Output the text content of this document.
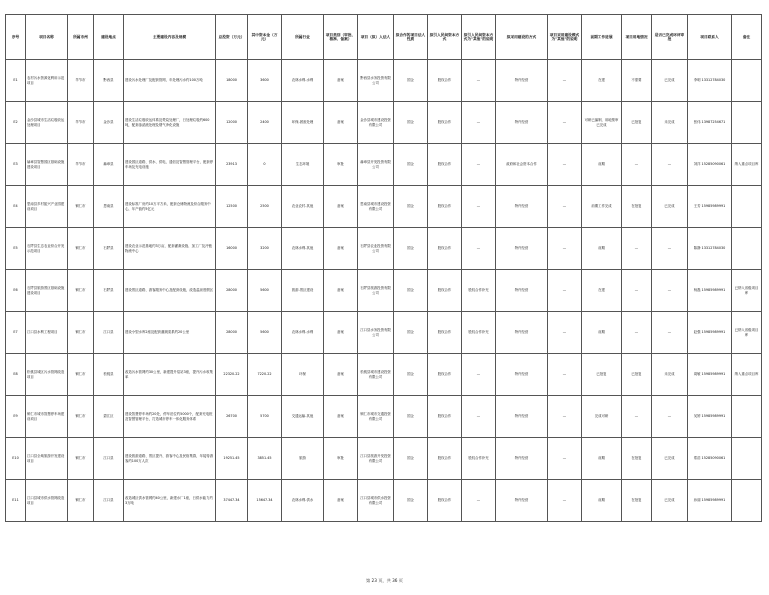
序号	项目名称	所属市州	建设地点	主要建设内容及规模	总投资（万元）	其中资本金（万元）	所属行业	项目类别（审批、核准、备案）	项目（拟）入法人	拟合作的项目法人性质	拟引入民间资本方式	拟引入民间资本方式为"其他"的说明	拟采用建设的方式	项目采用建设模式为"其他"的说明	前期工作进展	项目用地情况	是否已完成环评审批	项目联系人	备注

E1	农村污水资源化利用示范项目	毕节市	黔西县	建设污水处理厂及配套管网，年处理污水约100万吨	18000	3600	农林水利-水利	备案	黔西县水务投资有限公司	国企	股权合作	—	特许经营	—	在建	不需要	已完成	李明 13312784030	

E2	金沙县城市生活垃圾收运处理项目	毕节市	金沙县	建设生活垃圾收运体系及焚烧处理厂，日处理垃圾约600吨，配套渗滤液处理及烟气净化设施	12000	2400	环保-固废处理	备案	金沙县城市建设投资有限公司	国企	股权合作	—	特许经营	—	可研已编制，用地预审已完成	已批复	未完成	张伟 13987254671	

E3	赫章县智慧园区基础设施建设项目	毕节市	赫章县	建设园区道路、供水、供电、通信及智慧管理平台，配套停车场及充电设施	23913	0	生态环境	审批	赫章县开发投资有限公司	国企	股权合作	—	政府和社会资本合作	—	前期	—	—	刘洋 15285090061	纳入重点项目库

E4	思南县乡村振兴产业园建设项目	铜仁市	思南县	建设标准厂房约10万平方米，配套仓储物流及综合服务中心，年产值约5亿元	12500	2500	农业农村-其他	备案	思南县城市建设投资有限公司	国企	股权合作	—	特许经营	—	前期工作完成	在批复	已完成	王芳 15985989991	

E5	石阡县生态农业综合开发示范项目	铜仁市	石阡县	建设农业示范基地约3万亩，配套灌溉设施、加工厂及冷链物流中心	16000	3200	农林水利-其他	备案	石阡县农业投资有限公司	国企	股权合作	—	特许经营	—	前期	—	—	陈静 13312784030	

E6	石阡县旅游景区基础设施建设项目	铜仁市	石阡县	建设景区道路、游客服务中心及配套设施，改造温泉度假区	28000	5600	旅游-景区建设	备案	石阡县旅游投资有限公司	国企	股权合作	股权合作补充	特许经营	—	在建	—	—	杨磊 15985989991	已纳入省级项目库

E7	江口县水利工程项目	铜仁市	江口县	建设小型水库2座及配套灌溉渠系约20公里	28000	5600	农林水利-水利	备案	江口县水务投资有限公司	国企	股权合作	股权合作补充	特许经营	—	前期	—	—	赵强 15985989991	已纳入省级项目库

E8	松桃县城区污水管网改造项目	铜仁市	松桃县	改造污水管网约30公里，新建提升泵站3座，提升污水收集率	22320.22	7220.22	环保	备案	松桃县城市建设投资有限公司	国企	股权合作	—	特许经营	—	已批复	已批复	未完成	周敏 15985989991	纳入重点项目库

E9	铜仁市城市智慧停车场建设项目	铜仁市	碧江区	建设智慧停车场约20处，停车泊位约5000个，配套充电桩及智慧管理平台，打造城市停车一体化服务体系	26700	5700	交通运输-其他	备案	铜仁市城市交通投资有限公司	国企	股权合作	—	特许经营	—	完成可研	—	—	吴婷 15985989991	

E10	江口县全域旅游开发建设项目	铜仁市	江口县	建设旅游道路、景区提升、游客中心及民宿集群，年接待游客约100万人次	19251.45	3851.45	旅游	审批	江口县旅游开发投资有限公司	国企	股权合作	股权合作补充	特许经营	—	前期	在批复	已完成	郑浩 15285090061	

E11	江口县城市供水管网改造项目	铜仁市	江口县	改造城区供水管网约40公里，新建水厂1座，日供水能力约3万吨	37447.34	15647.34	农林水利-供水	备案	江口县城市供水投资有限公司	国企	股权合作	—	特许经营	—	前期	在批复	已完成	孙丽 15985989991	

第 23 页，共 36 页
